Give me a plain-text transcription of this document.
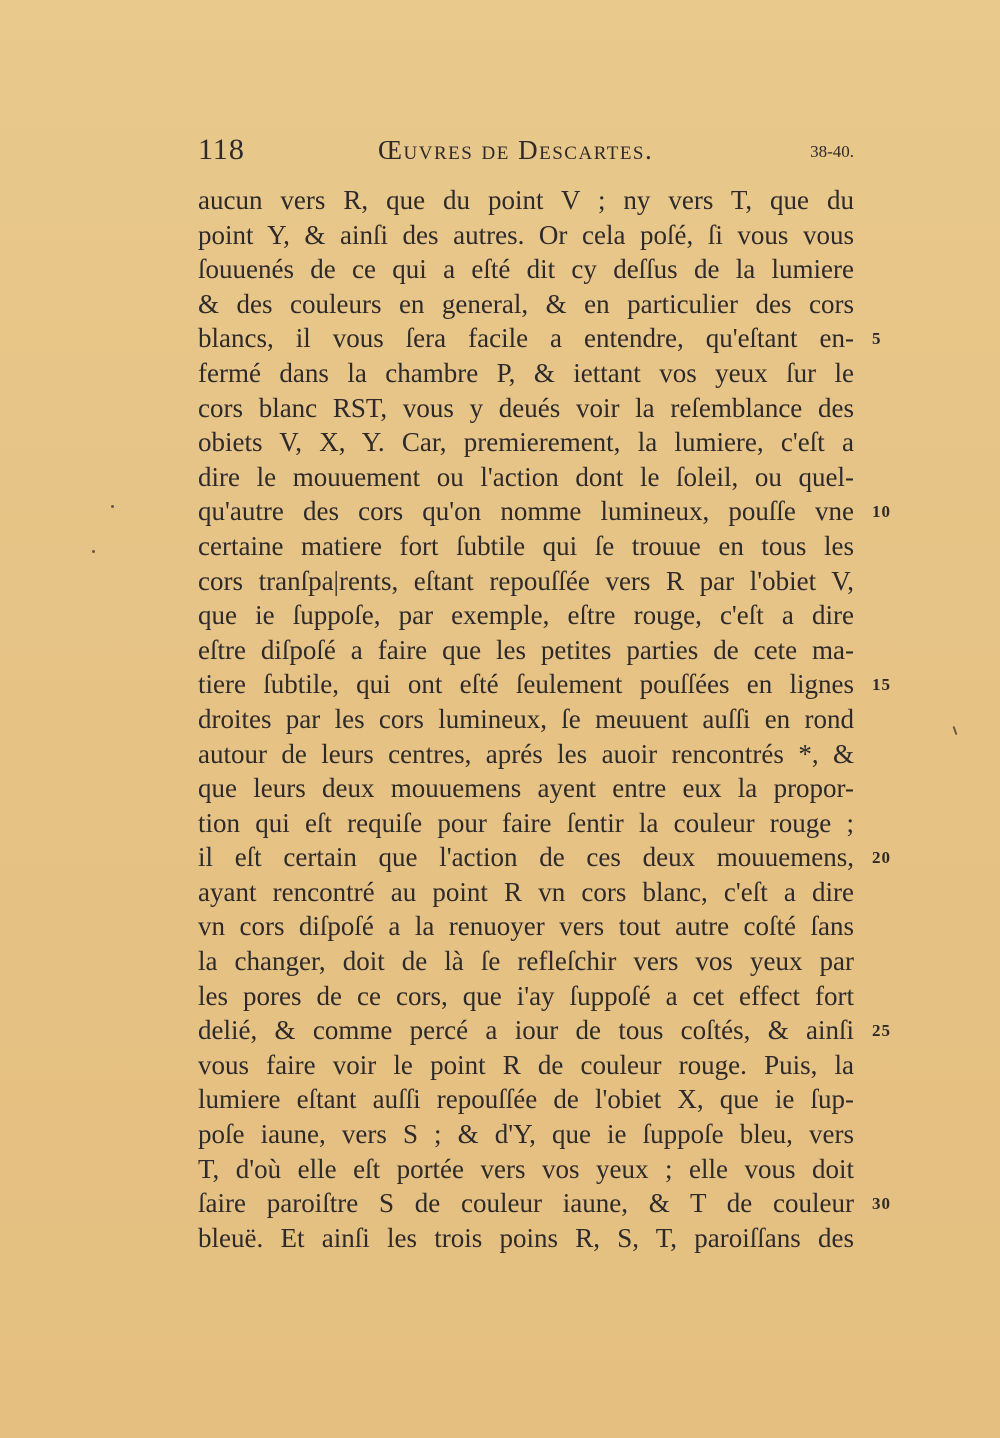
118	Œuvres de Descartes.	38-40.
aucun vers R, que du point V ; ny vers T, que du
point Y, & ainſi des autres. Or cela poſé, ſi vous vous
ſouuenés de ce qui a eſté dit cy deſſus de la lumiere
& des couleurs en general, & en particulier des cors
blancs, il vous ſera facile a entendre, qu'eſtant en-
fermé dans la chambre P, & iettant vos yeux ſur le
cors blanc RST, vous y deués voir la reſemblance des
obiets V, X, Y. Car, premierement, la lumiere, c'eſt a
dire le mouuement ou l'action dont le ſoleil, ou quel-
qu'autre des cors qu'on nomme lumineux, pouſſe vne
certaine matiere fort ſubtile qui ſe trouue en tous les
cors tranſpa|rents, eſtant repouſſée vers R par l'obiet V,
que ie ſuppoſe, par exemple, eſtre rouge, c'eſt a dire
eſtre diſpoſé a faire que les petites parties de cete ma-
tiere ſubtile, qui ont eſté ſeulement pouſſées en lignes
droites par les cors lumineux, ſe meuuent auſſi en rond
autour de leurs centres, aprés les auoir rencontrés *, &
que leurs deux mouuemens ayent entre eux la propor-
tion qui eſt requiſe pour faire ſentir la couleur rouge ;
il eſt certain que l'action de ces deux mouuemens,
ayant rencontré au point R vn cors blanc, c'eſt a dire
vn cors diſpoſé a la renuoyer vers tout autre coſté ſans
la changer, doit de là ſe refleſchir vers vos yeux par
les pores de ce cors, que i'ay ſuppoſé a cet effect fort
delié, & comme percé a iour de tous coſtés, & ainſi
vous faire voir le point R de couleur rouge. Puis, la
lumiere eſtant auſſi repouſſée de l'obiet X, que ie ſup-
poſe iaune, vers S ; & d'Y, que ie ſuppoſe bleu, vers
T, d'où elle eſt portée vers vos yeux ; elle vous doit
ſaire paroiſtre S de couleur iaune, & T de couleur
bleuë. Et ainſi les trois poins R, S, T, paroiſſans des
5
10
15
20
25
30
